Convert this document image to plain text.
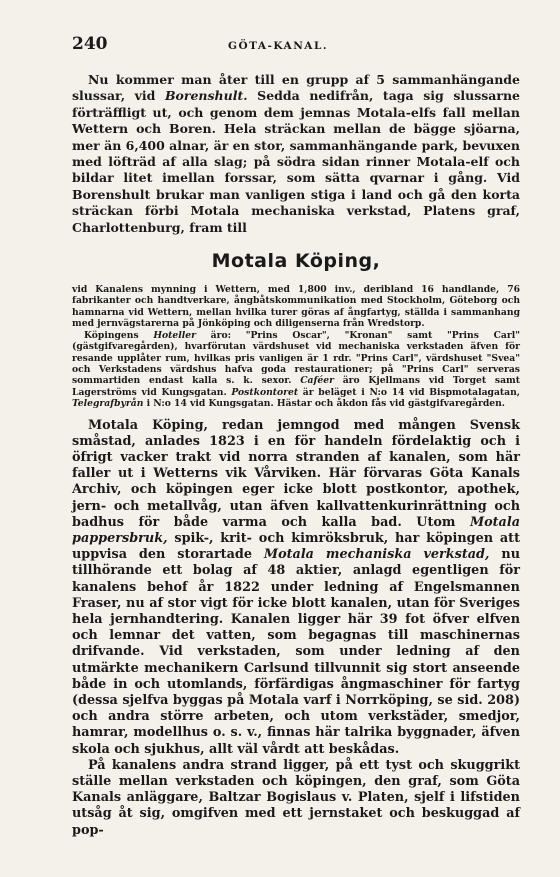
240	GÖTA-KANAL.

Nu kommer man åter till en grupp af 5 sammanhängande slussar, vid Borenshult. Sedda nedifrån, taga sig slussarne förträffligt ut, och genom dem jemnas Motala-elfs fall mellan Wettern och Boren. Hela sträckan mellan de bägge sjöarna, mer än 6,400 alnar, är en stor, sammanhängande park, bevuxen med löfträd af alla slag; på södra sidan rinner Motala-elf och bildar litet imellan forssar, som sätta qvarnar i gång. Vid Borenshult brukar man vanligen stiga i land och gå den korta sträckan förbi Motala mechaniska verkstad, Platens graf, Charlottenburg, fram till

Motala Köping,

vid Kanalens mynning i Wettern, med 1,800 inv., deribland 16 handlande, 76 fabrikanter och handtverkare, ångbåtskommunikation med Stockholm, Göteborg och hamnarna vid Wettern, mellan hvilka turer göras af ångfartyg, ställda i sammanhang med jernvägstarerna på Jönköping och diligenserna från Wredstorp.

Köpingens Hoteller äro: "Prins Oscar", "Kronan" samt "Prins Carl" (gästgifvaregården), hvarförutan värdshuset vid mechaniska verkstaden äfven för resande upplåter rum, hvilkas pris vanligen är 1 rdr. "Prins Carl", värdshuset "Svea" och Verkstadens värdshus hafva goda restaurationer; på "Prins Carl" serveras sommartiden endast kalla s. k. sexor. Caféer äro Kjellmans vid Torget samt Lagerströms vid Kungsgatan. Postkontoret är beläget i N:o 14 vid Bispmotalagatan, Telegrafbyrån i N:o 14 vid Kungsgatan. Hästar och åkdon fås vid gästgifvaregården.

Motala Köping, redan jemngod med mången Svensk småstad, anlades 1823 i en för handeln fördelaktig och i öfrigt vacker trakt vid norra stranden af kanalen, som här faller ut i Wetterns vik Vårviken. Här förvaras Göta Kanals Archiv, och köpingen eger icke blott postkontor, apothek, jern- och metallvåg, utan äfven kallvattenkurinrättning och badhus för både varma och kalla bad. Utom Motala pappersbruk, spik-, krit- och kimröksbruk, har köpingen att uppvisa den storartade Motala mechaniska verkstad, nu tillhörande ett bolag af 48 aktier, anlagd egentligen för kanalens behof år 1822 under ledning af Engelsmannen Fraser, nu af stor vigt för icke blott kanalen, utan för Sveriges hela jernhandtering. Kanalen ligger här 39 fot öfver elfven och lemnar det vatten, som begagnas till maschinernas drifvande. Vid verkstaden, som under ledning af den utmärkte mechanikern Carlsund tillvunnit sig stort anseende både in och utomlands, förfärdigas ångmaschiner för fartyg (dessa sjelfva byggas på Motala varf i Norrköping, se sid. 208) och andra större arbeten, och utom verkstäder, smedjor, hamrar, modellhus o. s. v., finnas här talrika byggnader, äfven skola och sjukhus, allt väl vårdt att beskådas.

På kanalens andra strand ligger, på ett tyst och skuggrikt ställe mellan verkstaden och köpingen, den graf, som Göta Kanals anläggare, Baltzar Bogislaus v. Platen, sjelf i lifstiden utsåg åt sig, omgifven med ett jernstaket och beskuggad af pop-
